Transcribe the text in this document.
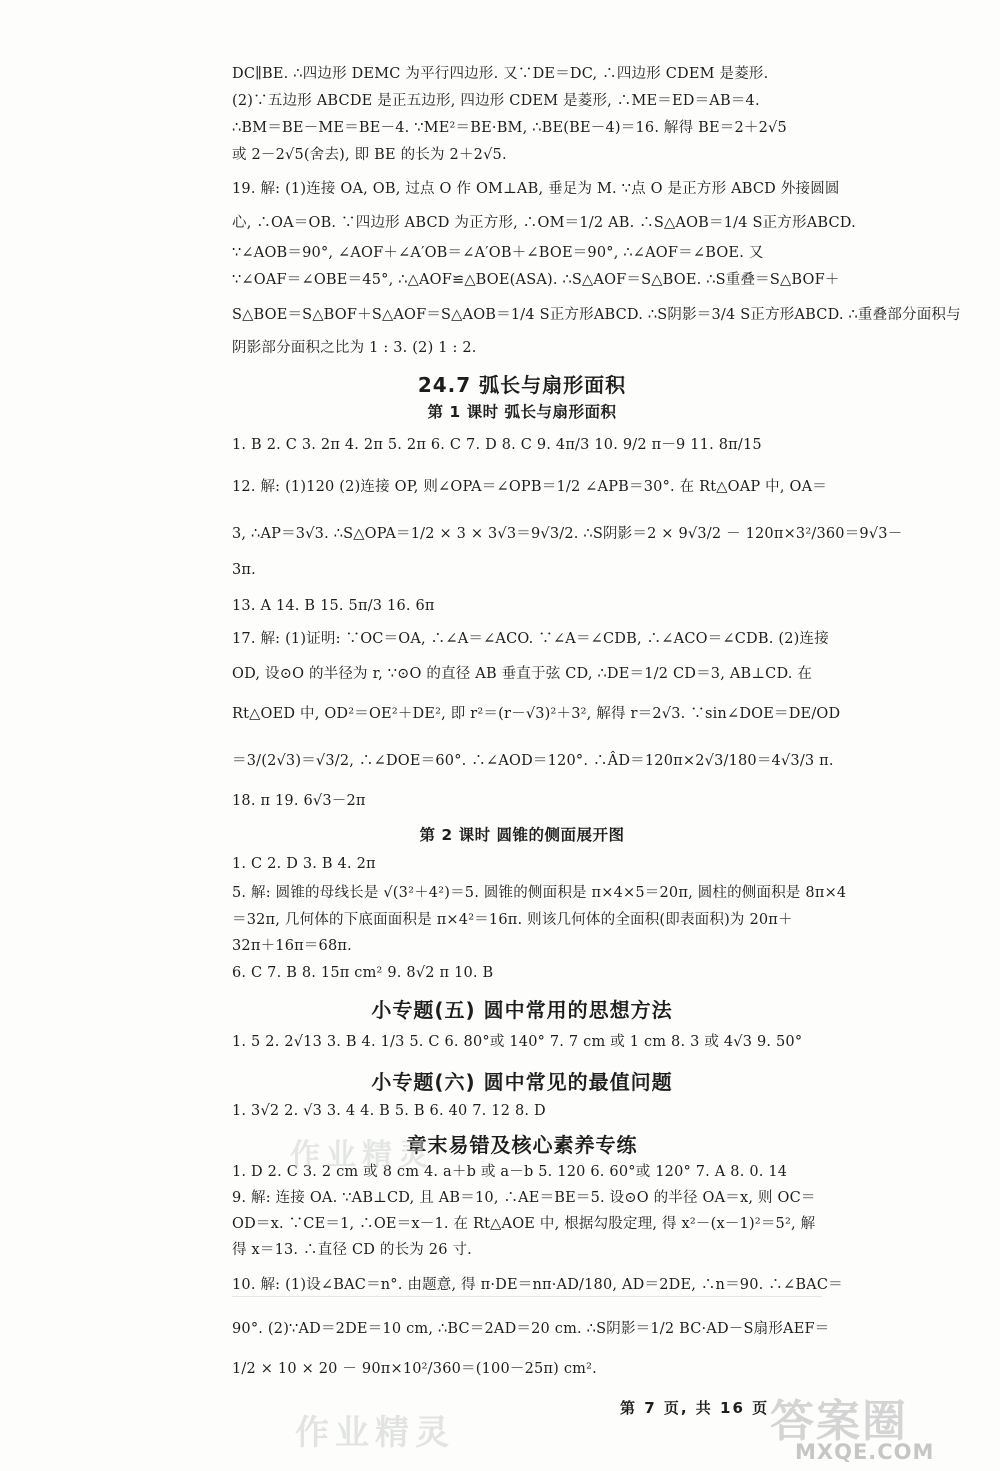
DC∥BE. ∴四边形 DEMC 为平行四边形. 又∵DE＝DC, ∴四边形 CDEM 是菱形.
(2)∵五边形 ABCDE 是正五边形, 四边形 CDEM 是菱形, ∴ME＝ED＝AB＝4.
∴BM＝BE－ME＝BE－4. ∵ME²＝BE·BM, ∴BE(BE－4)＝16. 解得 BE＝2＋2√5
或 2－2√5(舍去), 即 BE 的长为 2＋2√5.
19. 解: (1)连接 OA, OB, 过点 O 作 OM⊥AB, 垂足为 M. ∵点 O 是正方形 ABCD 外接圆圆
心, ∴OA＝OB. ∵四边形 ABCD 为正方形, ∴OM＝1/2 AB. ∴S△AOB＝1/4 S正方形ABCD.
∵∠AOB＝90°, ∠AOF＋∠A′OB＝∠A′OB＋∠BOE＝90°, ∴∠AOF＝∠BOE. 又
∵∠OAF＝∠OBE＝45°, ∴△AOF≌△BOE(ASA). ∴S△AOF＝S△BOE. ∴S重叠＝S△BOF＋
S△BOE＝S△BOF＋S△AOF＝S△AOB＝1/4 S正方形ABCD. ∴S阴影＝3/4 S正方形ABCD. ∴重叠部分面积与
阴影部分面积之比为 1 : 3. (2) 1 : 2.
24.7 弧长与扇形面积
第 1 课时 弧长与扇形面积
1. B 2. C 3. 2π 4. 2π 5. 2π 6. C 7. D 8. C 9. 4π/3 10. 9/2 π－9 11. 8π/15
12. 解: (1)120 (2)连接 OP, 则∠OPA＝∠OPB＝1/2 ∠APB＝30°. 在 Rt△OAP 中, OA＝
3, ∴AP＝3√3. ∴S△OPA＝1/2 × 3 × 3√3＝9√3/2. ∴S阴影＝2 × 9√3/2 － 120π×3²/360＝9√3－
3π.
13. A 14. B 15. 5π/3 16. 6π
17. 解: (1)证明: ∵OC＝OA, ∴∠A＝∠ACO. ∵∠A＝∠CDB, ∴∠ACO＝∠CDB. (2)连接
OD, 设⊙O 的半径为 r, ∵⊙O 的直径 AB 垂直于弦 CD, ∴DE＝1/2 CD＝3, AB⊥CD. 在
Rt△OED 中, OD²＝OE²＋DE², 即 r²＝(r－√3)²＋3², 解得 r＝2√3. ∵sin∠DOE＝DE/OD
＝3/(2√3)＝√3/2, ∴∠DOE＝60°. ∴∠AOD＝120°. ∴ÂD＝120π×2√3/180＝4√3/3 π.
18. π 19. 6√3－2π
第 2 课时 圆锥的侧面展开图
1. C 2. D 3. B 4. 2π
5. 解: 圆锥的母线长是 √(3²＋4²)＝5. 圆锥的侧面积是 π×4×5＝20π, 圆柱的侧面积是 8π×4
＝32π, 几何体的下底面面积是 π×4²＝16π. 则该几何体的全面积(即表面积)为 20π＋
32π＋16π＝68π.
6. C 7. B 8. 15π cm² 9. 8√2 π 10. B
小专题(五) 圆中常用的思想方法
1. 5 2. 2√13 3. B 4. 1/3 5. C 6. 80°或 140° 7. 7 cm 或 1 cm 8. 3 或 4√3 9. 50°
小专题(六) 圆中常见的最值问题
1. 3√2 2. √3 3. 4 4. B 5. B 6. 40 7. 12 8. D
章末易错及核心素养专练
1. D 2. C 3. 2 cm 或 8 cm 4. a＋b 或 a－b 5. 120 6. 60°或 120° 7. A 8. 0. 14
9. 解: 连接 OA. ∵AB⊥CD, 且 AB＝10, ∴AE＝BE＝5. 设⊙O 的半径 OA＝x, 则 OC＝
OD＝x. ∵CE＝1, ∴OE＝x－1. 在 Rt△AOE 中, 根据勾股定理, 得 x²－(x－1)²＝5², 解
得 x＝13. ∴直径 CD 的长为 26 寸.
10. 解: (1)设∠BAC＝n°. 由题意, 得 π·DE＝nπ·AD/180, AD＝2DE, ∴n＝90. ∴∠BAC＝
90°. (2)∵AD＝2DE＝10 cm, ∴BC＝2AD＝20 cm. ∴S阴影＝1/2 BC·AD－S扇形AEF＝
1/2 × 10 × 20 － 90π×10²/360＝(100－25π) cm².
第 7 页, 共 16 页
作业精灵
作业精灵	答案圈
MXQE.COM
